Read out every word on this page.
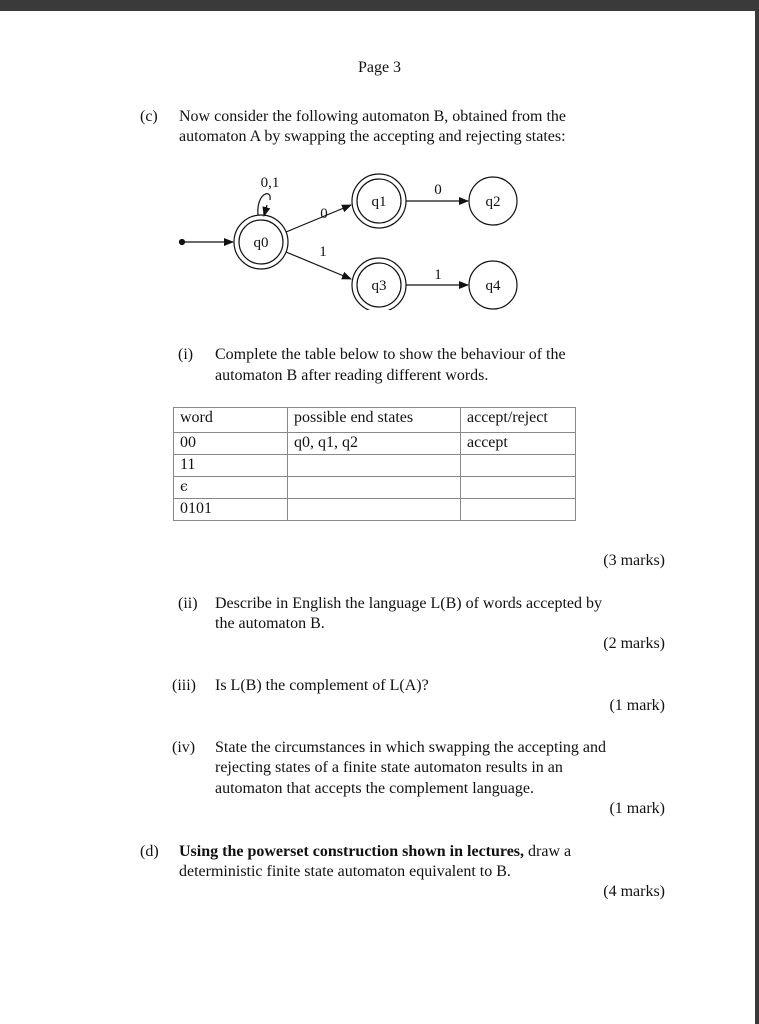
Page 3
(c)	Now consider the following automaton B, obtained from the
automaton A by swapping the accepting and rejecting states:
q0
q1	q2
q3	q4
0,1
0
1
0
1
(i)	Complete the table below to show the behaviour of the
automaton B after reading different words.
word	possible end states	accept/reject
00	q0, q1, q2	accept
11		
ϵ		
0101		
(3 marks)
(ii)	Describe in English the language L(B) of words accepted by
the automaton B.
(2 marks)
(iii)	Is L(B) the complement of L(A)?
(1 mark)
(iv)	State the circumstances in which swapping the accepting and
rejecting states of a finite state automaton results in an
automaton that accepts the complement language.
(1 mark)
(d)	Using the powerset construction shown in lectures, draw a
deterministic finite state automaton equivalent to B.
(4 marks)
